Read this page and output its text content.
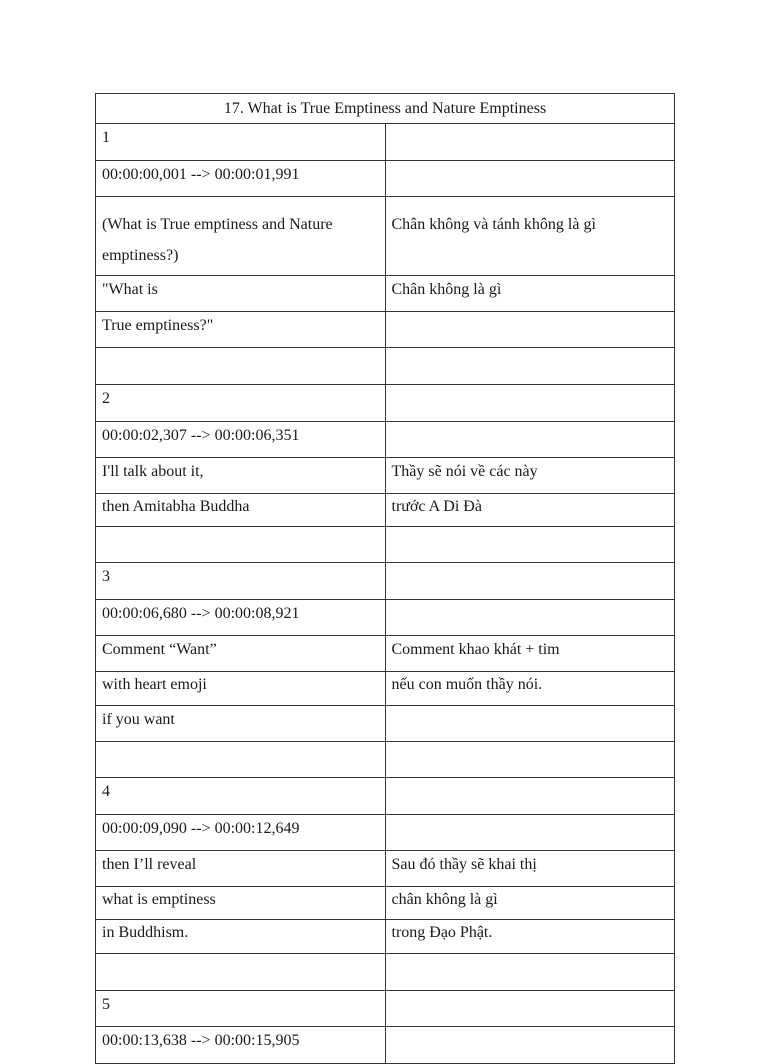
17. What is True Emptiness and Nature Emptiness	
1	
00:00:00,001 --> 00:00:01,991	

(What is True emptiness and Nature
emptiness?)	Chân không và tánh không là gì
"What is	Chân không là gì
True emptiness?"	

2	
00:00:02,307 --> 00:00:06,351	
I'll talk about it,	Thầy sẽ nói về các này
then Amitabha Buddha	trước A Di Đà

3	
00:00:06,680 --> 00:00:08,921	
Comment “Want”	Comment khao khát + tim
with heart emoji	nếu con muốn thầy nói.
if you want	

4	
00:00:09,090 --> 00:00:12,649	
then I’ll reveal	Sau đó thầy sẽ khai thị
what is emptiness	chân không là gì
in Buddhism.	trong Đạo Phật.

5	
00:00:13,638 --> 00:00:15,905	
